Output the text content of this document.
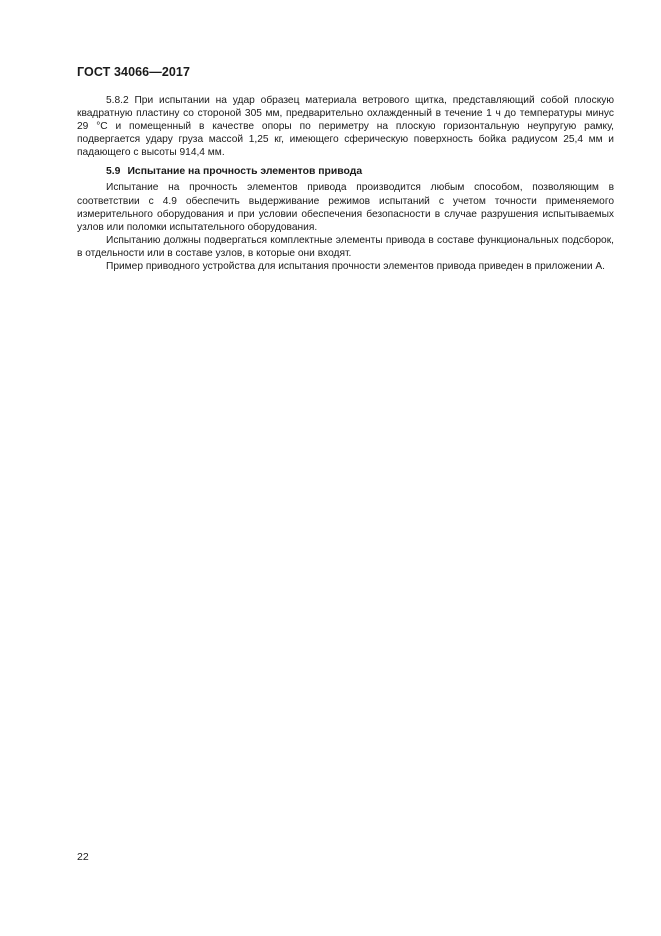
ГОСТ 34066—2017

5.8.2 При испытании на удар образец материала ветрового щитка, представляющий собой плоскую квадратную пластину со стороной 305 мм, предварительно охлажденный в течение 1 ч до температуры минус 29 °С и помещенный в качестве опоры по периметру на плоскую горизонтальную неупругую рамку, подвергается удару груза массой 1,25 кг, имеющего сферическую поверхность бойка радиусом 25,4 мм и падающего с высоты 914,4 мм.

5.9 Испытание на прочность элементов привода

Испытание на прочность элементов привода производится любым способом, позволяющим в соответствии с 4.9 обеспечить выдерживание режимов испытаний с учетом точности применяемого измерительного оборудования и при условии обеспечения безопасности в случае разрушения испытываемых узлов или поломки испытательного оборудования.

Испытанию должны подвергаться комплектные элементы привода в составе функциональных подсборок, в отдельности или в составе узлов, в которые они входят.

Пример приводного устройства для испытания прочности элементов привода приведен в приложении А.

22
